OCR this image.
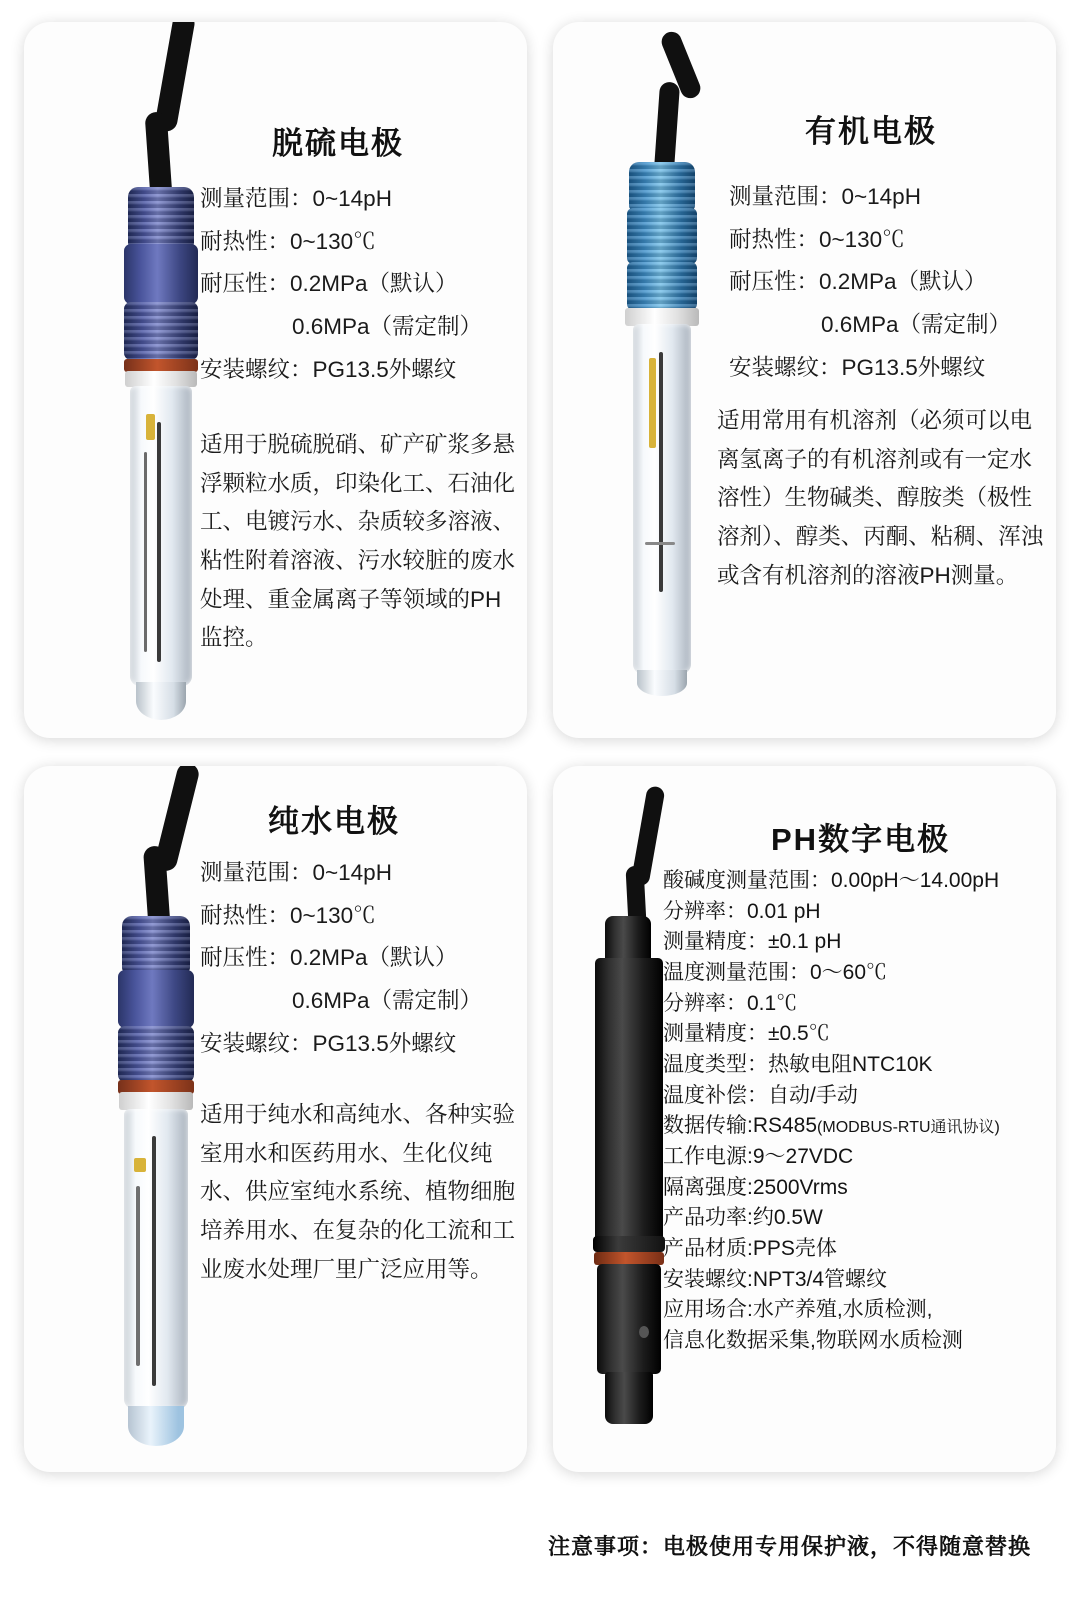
脱硫电极

测量范围：0~14pH

耐热性：0~130℃

耐压性：0.2MPa（默认）

0.6MPa（需定制）

安装螺纹：PG13.5外螺纹

适用于脱硫脱硝、矿产矿浆多悬浮颗粒水质，印染化工、石油化工、电镀污水、杂质较多溶液、粘性附着溶液、污水较脏的废水处理、重金属离子等领域的PH监控。
有机电极

测量范围：0~14pH

耐热性：0~130℃

耐压性：0.2MPa（默认）

0.6MPa（需定制）

安装螺纹：PG13.5外螺纹

适用常用有机溶剂（必须可以电离氢离子的有机溶剂或有一定水溶性）生物碱类、醇胺类（极性溶剂）、醇类、丙酮、粘稠、浑浊或含有机溶剂的溶液PH测量。
纯水电极

测量范围：0~14pH

耐热性：0~130℃

耐压性：0.2MPa（默认）

0.6MPa（需定制）

安装螺纹：PG13.5外螺纹

适用于纯水和高纯水、各种实验室用水和医药用水、生化仪纯水、供应室纯水系统、植物细胞培养用水、在复杂的化工流和工业废水处理厂里广泛应用等。
PH数字电极

酸碱度测量范围：0.00pH～14.00pH

分辨率：0.01 pH

测量精度：±0.1 pH

温度测量范围：0～60℃

分辨率：0.1℃

测量精度：±0.5℃

温度类型：热敏电阻NTC10K

温度补偿：自动/手动

数据传输:RS485(MODBUS-RTU通讯协议)

工作电源:9～27VDC

隔离强度:2500Vrms

产品功率:约0.5W

产品材质:PPS壳体

安装螺纹:NPT3/4管螺纹

应用场合:水产养殖,水质检测,

信息化数据采集,物联网水质检测

注意事项：电极使用专用保护液，不得随意替换
